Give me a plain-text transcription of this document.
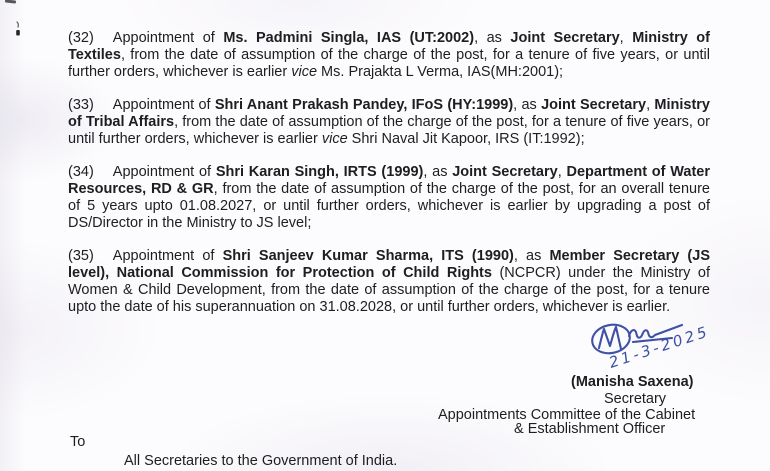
(32) Appointment of Ms. Padmini Singla, IAS (UT:2002), as Joint Secretary, Ministry of Textiles, from the date of assumption of the charge of the post, for a tenure of five years, or until further orders, whichever is earlier vice Ms. Prajakta L Verma, IAS(MH:2001);
(33) Appointment of Shri Anant Prakash Pandey, IFoS (HY:1999), as Joint Secretary, Ministry of Tribal Affairs, from the date of assumption of the charge of the post, for a tenure of five years, or until further orders, whichever is earlier vice Shri Naval Jit Kapoor, IRS (IT:1992);
(34) Appointment of Shri Karan Singh, IRTS (1999), as Joint Secretary, Department of Water Resources, RD & GR, from the date of assumption of the charge of the post, for an overall tenure of 5 years upto 01.08.2027, or until further orders, whichever is earlier by upgrading a post of DS/Director in the Ministry to JS level;
(35) Appointment of Shri Sanjeev Kumar Sharma, ITS (1990), as Member Secretary (JS level), National Commission for Protection of Child Rights (NCPCR) under the Ministry of Women & Child Development, from the date of assumption of the charge of the post, for a tenure upto the date of his superannuation on 31.08.2028, or until further orders, whichever is earlier.
21-3-2025
(Manisha Saxena)
Secretary
Appointments Committee of the Cabinet
& Establishment Officer
To
All Secretaries to the Government of India.
